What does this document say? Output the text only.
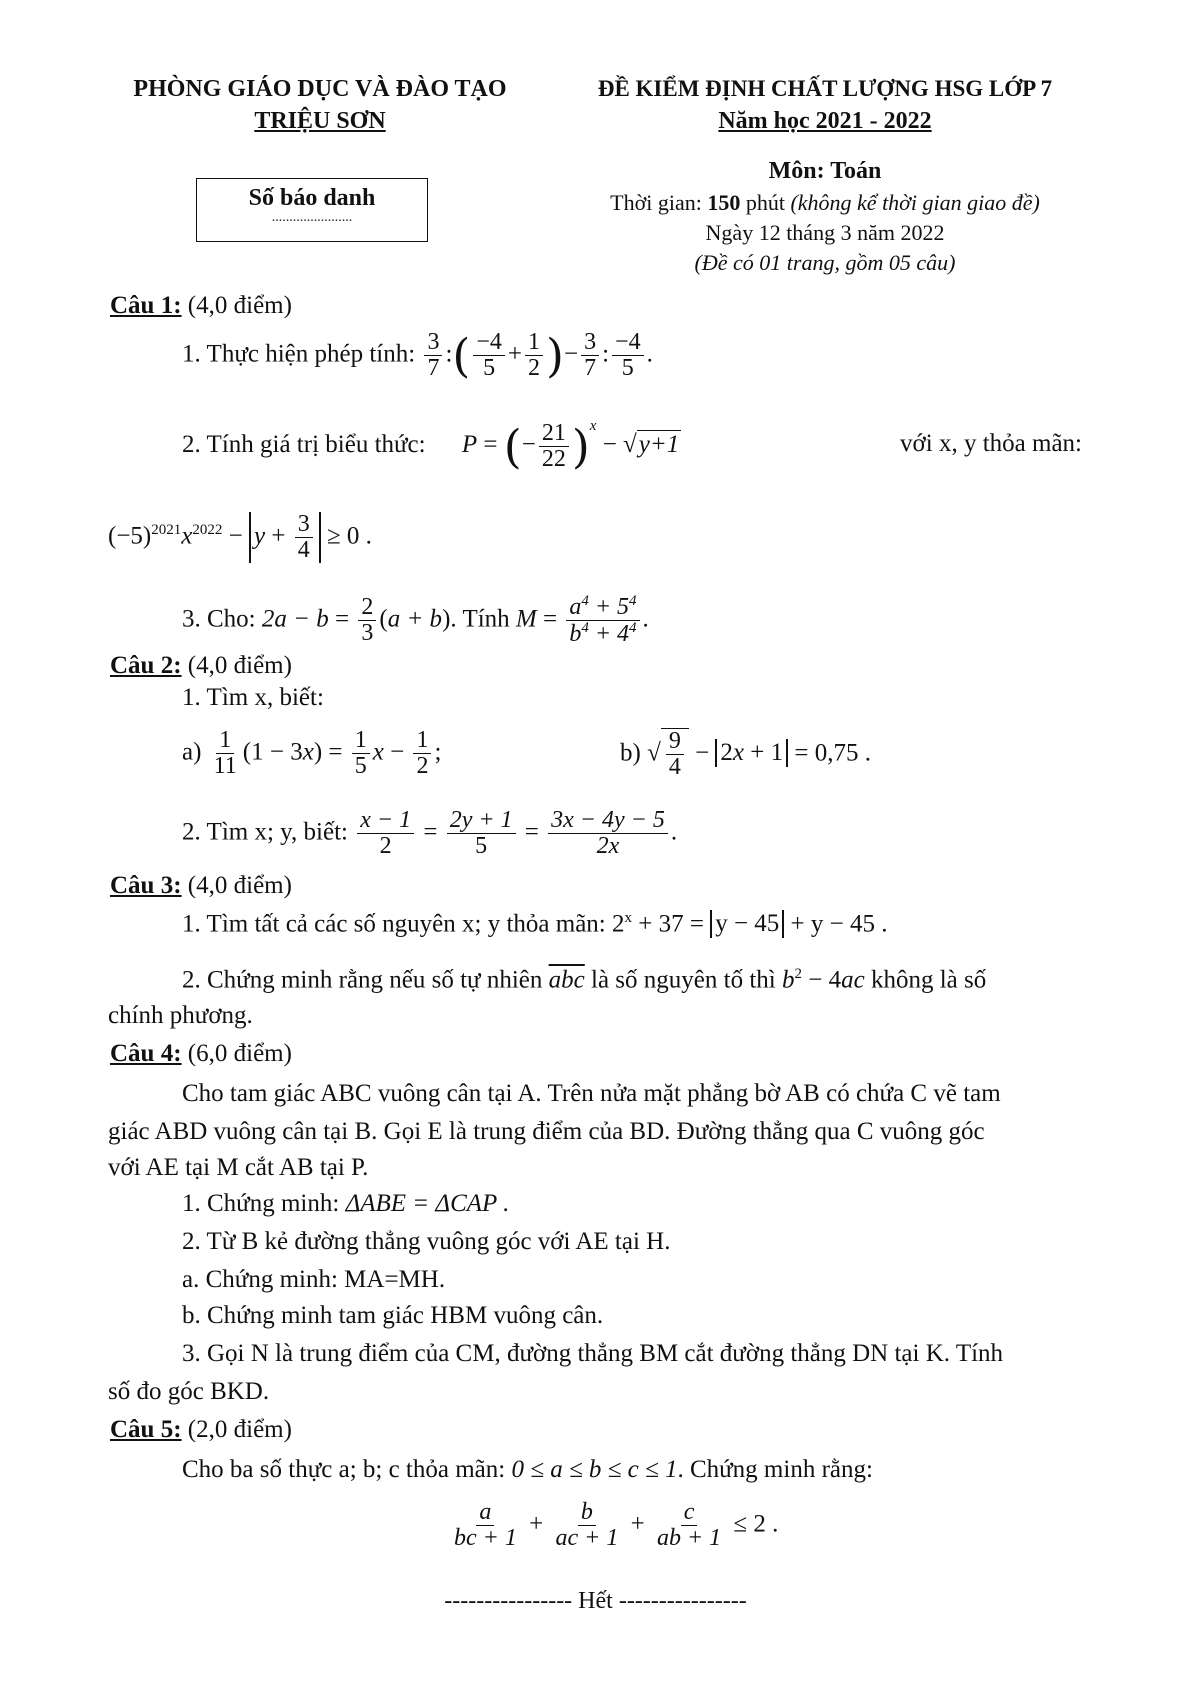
PHÒNG GIÁO DỤC VÀ ĐÀO TẠO
TRIỆU SƠN
ĐỀ KIỂM ĐỊNH CHẤT LƯỢNG HSG LỚP 7
Năm học 2021 - 2022
Số báo danh
.......................
Môn: Toán
Thời gian: 150 phút (không kể thời gian giao đề)
Ngày 12 tháng 3 năm 2022
(Đề có 01 trang, gồm 05 câu)
Câu 1: (4,0 điểm)
1. Thực hiện phép tính: $\frac{3}{7}$ :( $\frac{-4}{5} + \frac{1}{2}$ )− $\frac{3}{7}$ : $\frac{-4}{5}$ .
2. Tính giá trị biểu thức: P = (− $\frac{21}{22} )^x - √y+1$	với x, y thỏa mãn:
$(-5)^{2021}x^{2022} - y + \frac{3}{4} \ge 0$ .
3. Cho: $2a - b = \frac{2}{3} (a + b)$. Tính $M = \frac{a^4 + 5^4}{b^4 + 4^4}$ .
Câu 2: (4,0 điểm)
1. Tìm x, biết:
$a) \frac{1}{11} (1 - 3x) = \frac{1}{5}$ $x - \frac{1}{2}$ ;	b) √ $\frac{9}{4} - 2x + 1 = 0,75$ .
2. Tìm x; y, biết: $\frac{x - 1}{2} = \frac{2y + 1}{5} = \frac{3x - 4y - 5}{2x}$ .
Câu 3: (4,0 điểm)
1. Tìm tất cả các số nguyên x; y thỏa mãn: $2^x + 37 = y - 45 + y - 45$ .
2. Chứng minh rằng nếu số tự nhiên $\overline{abc}$ là số nguyên tố thì $b^2 - 4ac$ không là số
chính phương.
Câu 4: (6,0 điểm)
Cho tam giác ABC vuông cân tại A. Trên nửa mặt phẳng bờ AB có chứa C vẽ tam
giác ABD vuông cân tại B. Gọi E là trung điểm của BD. Đường thẳng qua C vuông góc
với AE tại M cắt AB tại P.
1. Chứng minh: ΔABE = ΔCAP .
2. Từ B kẻ đường thẳng vuông góc với AE tại H.
a. Chứng minh: MA=MH.
b. Chứng minh tam giác HBM vuông cân.
3. Gọi N là trung điểm của CM, đường thẳng BM cắt đường thẳng DN tại K. Tính
số đo góc BKD.
Câu 5: (2,0 điểm)
Cho ba số thực a; b; c thỏa mãn: 0 ≤ a ≤ b ≤ c ≤ 1. Chứng minh rằng:
$\frac{a}{bc + 1} + \frac{b}{ac + 1} + \frac{c}{ab + 1} \le 2$ .
---------------- Hết ----------------
